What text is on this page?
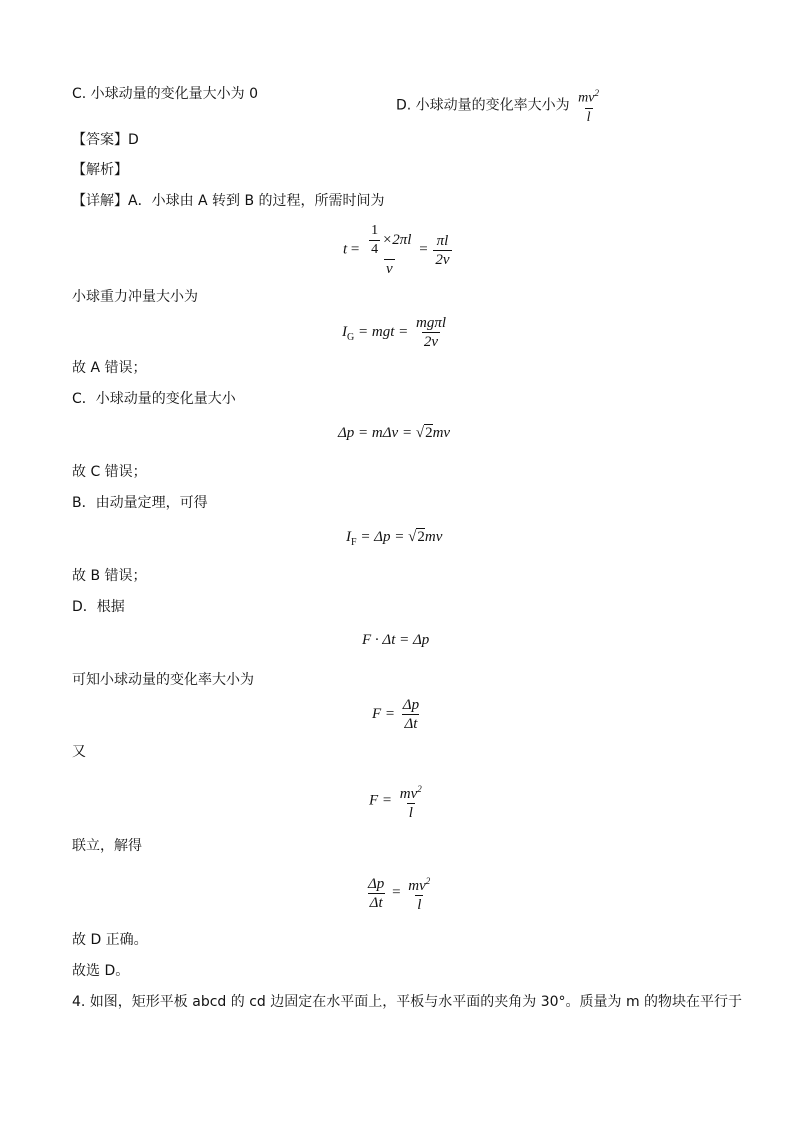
C. 小球动量的变化量大小为 0
D. 小球动量的变化率大小为 $\frac{mv^2}{l}$
【答案】D
【解析】
【详解】A．小球由 A 转到 B 的过程，所需时间为
$t = \frac{\frac{1}{4} \times 2\pi l}{v} = \frac{\pi l}{2v}$
小球重力冲量大小为
$I_G$ = mgt = $\frac{\text{mgπl}}{2v}$
故 A 错误；
C．小球动量的变化量大小
Δp = mΔv = √2mv
故 C 错误；
B．由动量定理，可得
$I_F = \Delta p = √2mv$
故 B 错误；
D．根据
F · Δt = Δp
可知小球动量的变化率大小为
$F = \frac{\Delta p}{\Delta t}$
又
$F = \frac{mv^2}{l}$
联立，解得
$\frac{\Delta p}{\Delta t} = \frac{mv^2}{l}$
故 D 正确。
故选 D。
4. 如图，矩形平板 abcd 的 cd 边固定在水平面上，平板与水平面的夹角为 30°。质量为 m 的物块在平行于
